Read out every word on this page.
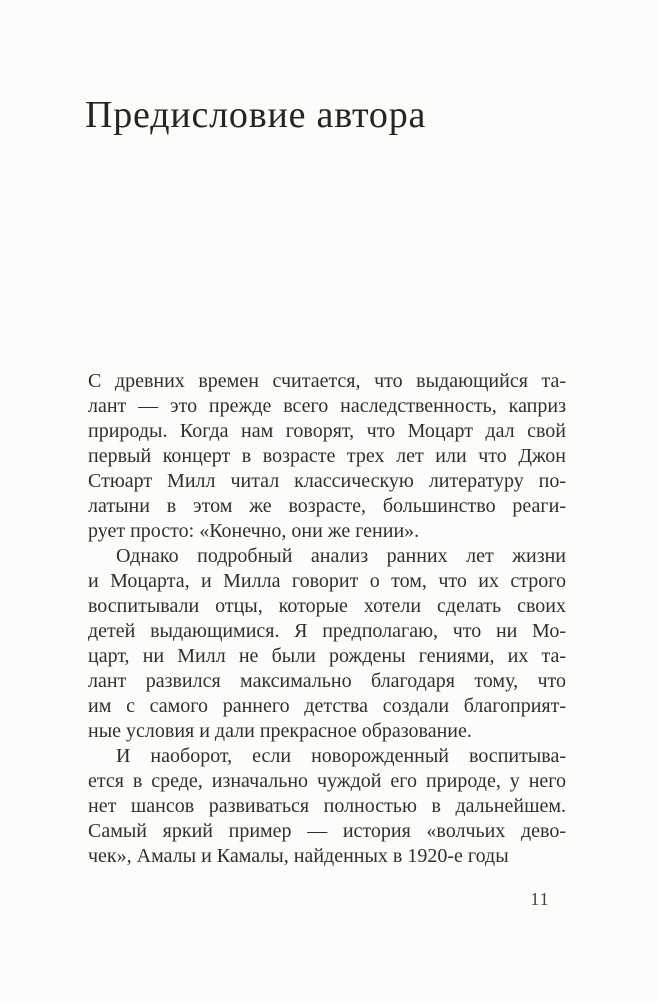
Предисловие автора
С древних времен считается, что выдающийся та-
лант — это прежде всего наследственность, каприз
природы. Когда нам говорят, что Моцарт дал свой
первый концерт в возрасте трех лет или что Джон
Стюарт Милл читал классическую литературу по-
латыни в этом же возрасте, большинство реаги-
рует просто: «Конечно, они же гении».
Однако подробный анализ ранних лет жизни
и Моцарта, и Милла говорит о том, что их строго
воспитывали отцы, которые хотели сделать своих
детей выдающимися. Я предполагаю, что ни Мо-
царт, ни Милл не были рождены гениями, их та-
лант развился максимально благодаря тому, что
им с самого раннего детства создали благоприят-
ные условия и дали прекрасное образование.
И наоборот, если новорожденный воспитыва-
ется в среде, изначально чуждой его природе, у него
нет шансов развиваться полностью в дальнейшем.
Самый яркий пример — история «волчьих дево-
чек», Амалы и Камалы, найденных в 1920-е годы
11
